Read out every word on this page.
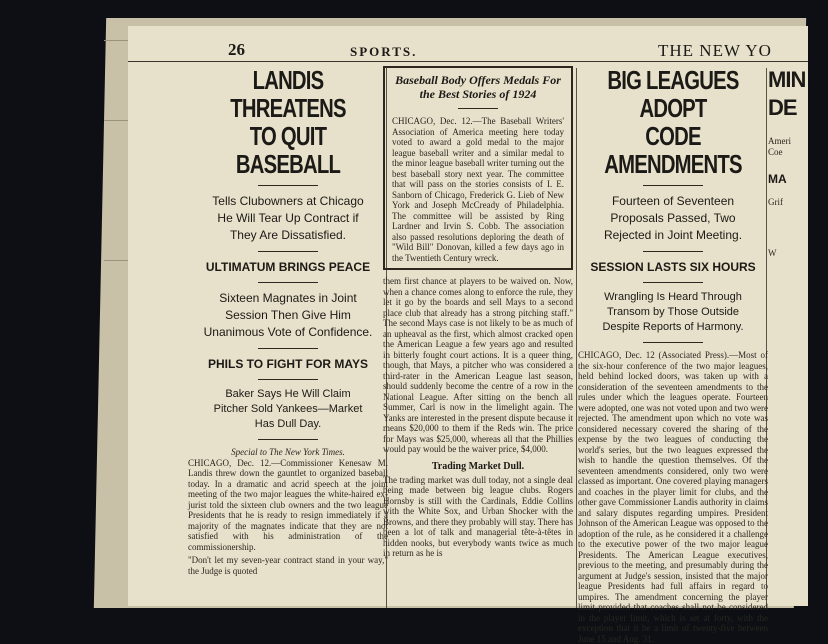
26	SPORTS.	THE NEW YO
LANDIS THREATENS
TO QUIT BASEBALL
Tells Clubowners at Chicago He Will Tear Up Contract if They Are Dissatisfied.
ULTIMATUM BRINGS PEACE
Sixteen Magnates in Joint Session Then Give Him Unanimous Vote of Confidence.
PHILS TO FIGHT FOR MAYS
Baker Says He Will Claim Pitcher Sold Yankees—Market Has Dull Day.
Special to The New York Times.
CHICAGO, Dec. 12.—Commissioner Kenesaw M. Landis threw down the gauntlet to organized baseball today. In a dramatic and acrid speech at the joint meeting of the two major leagues the white-haired ex-jurist told the sixteen club owners and the two league Presidents that he is ready to resign immediately if a majority of the magnates indicate that they are not satisfied with his administration of the commissionership.
"Don't let my seven-year contract stand in your way," the Judge is quoted
Baseball Body Offers Medals For the Best Stories of 1924
CHICAGO, Dec. 12.—The Baseball Writers' Association of America meeting here today voted to award a gold medal to the major league baseball writer and a similar medal to the minor league baseball writer turning out the best baseball story next year. The committee that will pass on the stories consists of I. E. Sanborn of Chicago, Frederick G. Lieb of New York and Joseph McCready of Philadelphia. The committee will be assisted by Ring Lardner and Irvin S. Cobb. The association also passed resolutions deploring the death of "Wild Bill" Donovan, killed a few days ago in the Twentieth Century wreck.
them first chance at players to be waived on. Now, when a chance comes along to enforce the rule, they let it go by the boards and sell Mays to a second place club that already has a strong pitching staff." The second Mays case is not likely to be as much of an upheaval as the first, which almost cracked open the American League a few years ago and resulted in bitterly fought court actions. It is a queer thing, though, that Mays, a pitcher who was considered a third-rater in the American League last season, should suddenly become the centre of a row in the National League. After sitting on the bench all Summer, Carl is now in the limelight again. The Yanks are interested in the present dispute because it means $20,000 to them if the Reds win. The price for Mays was $25,000, whereas all that the Phillies would pay would be the waiver price, $4,000.
Trading Market Dull.
The trading market was dull today, not a single deal being made between big league clubs. Rogers Hornsby is still with the Cardinals, Eddie Collins with the White Sox, and Urban Shocker with the Browns, and there they probably will stay. There has been a lot of talk and managerial tête-à-têtes in hidden nooks, but everybody wants twice as much in return as he is
BIG LEAGUES ADOPT
CODE AMENDMENTS
Fourteen of Seventeen Proposals Passed, Two Rejected in Joint Meeting.
SESSION LASTS SIX HOURS
Wrangling Is Heard Through Transom by Those Outside Despite Reports of Harmony.
CHICAGO, Dec. 12 (Associated Press).—Most of the six-hour conference of the two major leagues, held behind locked doors, was taken up with a consideration of the seventeen amendments to the rules under which the leagues operate. Fourteen were adopted, one was not voted upon and two were rejected. The amendment upon which no vote was considered necessary covered the sharing of the expense by the two leagues of conducting the world's series, but the two leagues expressed the wish to handle the question themselves. Of the seventeen amendments considered, only two were classed as important. One covered playing managers and coaches in the player limit for clubs, and the other gave Commissioner Landis authority in claims and salary disputes regarding umpires. President Johnson of the American League was opposed to the adoption of the rule, as he considered it a challenge to the executive power of the two major league Presidents. The American League executives, previous to the meeting, and presumably during the argument at Judge's session, insisted that the major league Presidents had full affairs in regard to umpires. The amendment concerning the player limit provided that coaches shall not be considered in the player limit, which is set at forty, with the exception that it be a limit of twenty-five between June 15 and Aug. 31.
MIN
DE
Ameri
Coe
MA
Grif
W
